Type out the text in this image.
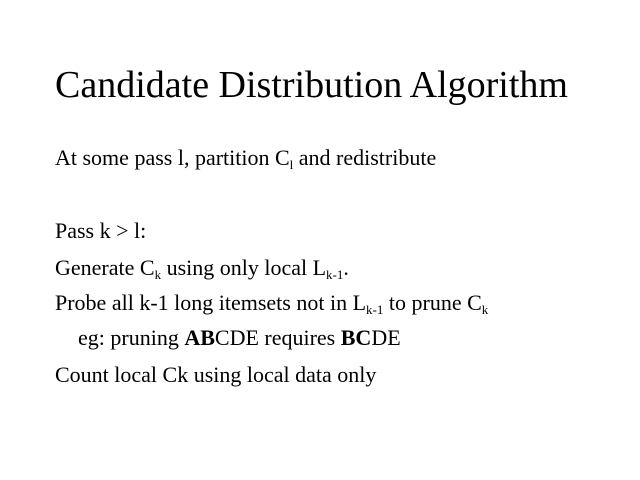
Candidate Distribution Algorithm
At some pass l, partition $C_l$ and redistribute
Pass k > l:
Generate $C_k$ using only local $L_{k-1}$.
Probe all k-1 long itemsets not in $L_{k-1}$ to prune $C_k$
eg: pruning ABCDE requires BCDE
Count local Ck using local data only
